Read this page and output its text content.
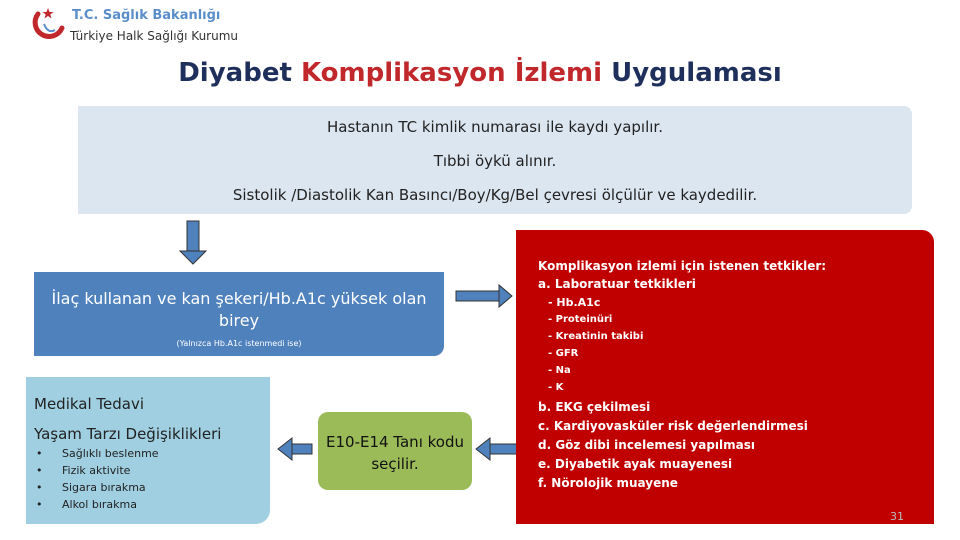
T.C. Sağlık Bakanlığı
Türkiye Halk Sağlığı Kurumu
Diyabet Komplikasyon İzlemi Uygulaması
Hastanın TC kimlik numarası ile kaydı yapılır.
Tıbbi öykü alınır.
Sistolik /Diastolik Kan Basıncı/Boy/Kg/Bel çevresi ölçülür ve kaydedilir.
İlaç kullanan ve kan şekeri/Hb.A1c yüksek olan birey
(Yalnızca Hb.A1c istenmedi ise)
Medikal Tedavi
Yaşam Tarzı Değişiklikleri
• Sağlıklı beslenme
• Fizik aktivite
• Sigara bırakma
• Alkol bırakma
E10-E14 Tanı kodu seçilir.
Komplikasyon izlemi için istenen tetkikler:
a. Laboratuar tetkikleri
- Hb.A1c
- Proteinüri
- Kreatinin takibi
- GFR
- Na
- K
b. EKG çekilmesi
c. Kardiyovasküler risk değerlendirmesi
d. Göz dibi incelemesi yapılması
e. Diyabetik ayak muayenesi
f. Nörolojik muayene
31
